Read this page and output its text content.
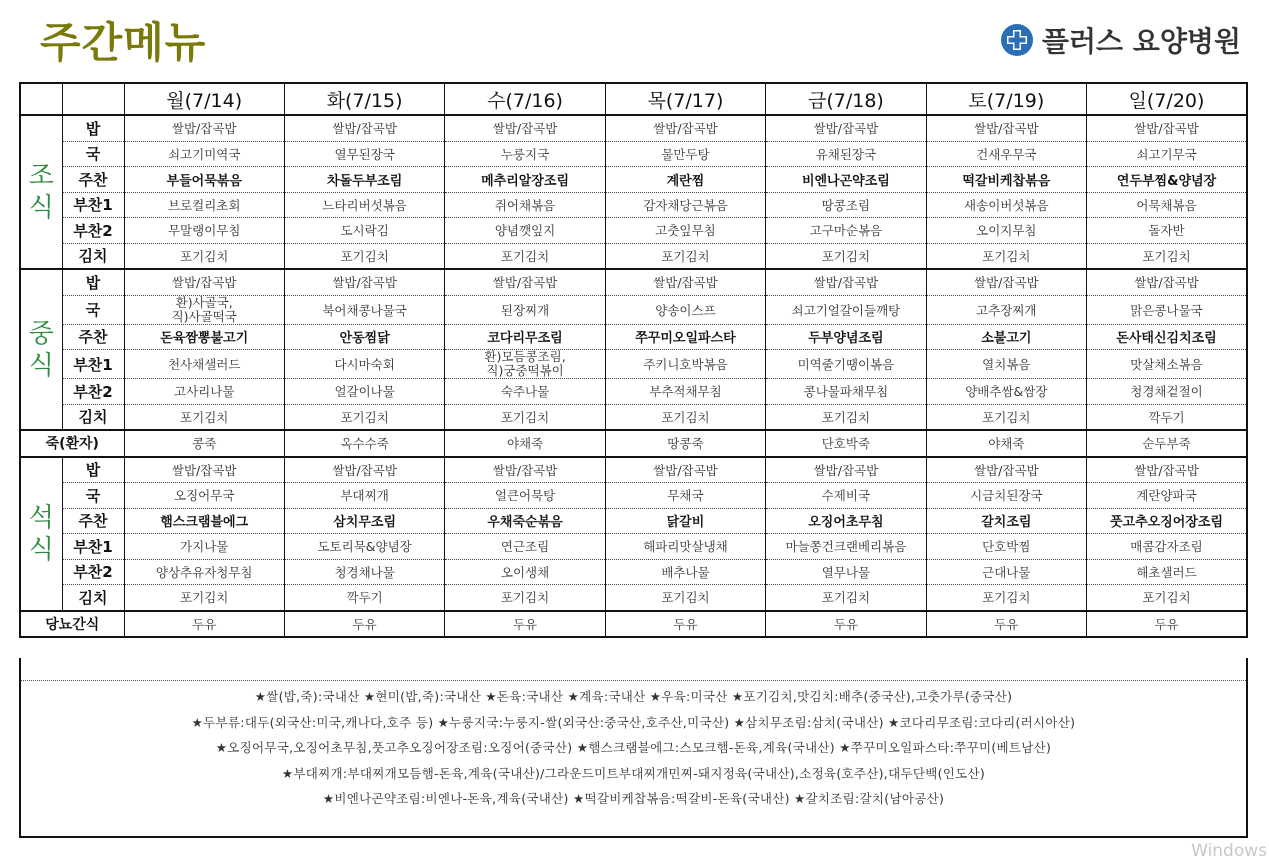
주간메뉴	플러스 요양병원
		월(7/14)	화(7/15)	수(7/16)	목(7/17)	금(7/18)	토(7/19)	일(7/20)
조식	밥	쌀밥/잡곡밥	쌀밥/잡곡밥	쌀밥/잡곡밥	쌀밥/잡곡밥	쌀밥/잡곡밥	쌀밥/잡곡밥	쌀밥/잡곡밥
	국	쇠고기미역국	열무된장국	누룽지국	물만두탕	유채된장국	건새우무국	쇠고기무국
	주찬	부들어묵볶음	차돌두부조림	메추리알장조림	계란찜	비엔나곤약조림	떡갈비케찹볶음	연두부찜&양념장
	부찬1	브로컬리초회	느타리버섯볶음	쥐어채볶음	감자채당근볶음	땅콩조림	새송이버섯볶음	어묵채볶음
	부찬2	무말랭이무침	도시락김	양념깻잎지	고춧잎무침	고구마순볶음	오이지무침	돌자반
	김치	포기김치	포기김치	포기김치	포기김치	포기김치	포기김치	포기김치
중식	밥	쌀밥/잡곡밥	쌀밥/잡곡밥	쌀밥/잡곡밥	쌀밥/잡곡밥	쌀밥/잡곡밥	쌀밥/잡곡밥	쌀밥/잡곡밥
	국	환)사골국,
직)사골떡국	북어채콩나물국	된장찌개	양송이스프	쇠고기얼갈이들깨탕	고추장찌개	맑은콩나물국
	주찬	돈육짬뽕불고기	안동찜닭	코다리무조림	쭈꾸미오일파스타	두부양념조림	소불고기	돈사태신김치조림
	부찬1	천사채샐러드	다시마숙회	환)모듬콩조림,
직)궁중떡볶이	주키니호박볶음	미역줄기땡이볶음	열치볶음	맛살채소볶음
	부찬2	고사리나물	얼갈이나물	숙주나물	부추적채무침	콩나물파채무침	양배추쌈&쌈장	청경채겉절이
	김치	포기김치	포기김치	포기김치	포기김치	포기김치	포기김치	깍두기
죽(환자)		콩죽	옥수수죽	야채죽	땅콩죽	단호박죽	야채죽	순두부죽
석식	밥	쌀밥/잡곡밥	쌀밥/잡곡밥	쌀밥/잡곡밥	쌀밥/잡곡밥	쌀밥/잡곡밥	쌀밥/잡곡밥	쌀밥/잡곡밥
	국	오징어무국	부대찌개	얼큰어묵탕	무채국	수제비국	시금치된장국	계란양파국
	주찬	햄스크램블에그	삼치무조림	우채죽순볶음	닭갈비	오징어초무침	갈치조림	풋고추오징어장조림
	부찬1	가지나물	도토리묵&양념장	연근조림	해파리맛살냉채	마늘쫑건크랜베리볶음	단호박찜	매콤감자조림
	부찬2	양상추유자청무침	청경채나물	오이생채	배추나물	열무나물	근대나물	해초샐러드
	김치	포기김치	깍두기	포기김치	포기김치	포기김치	포기김치	포기김치
당뇨간식		두유	두유	두유	두유	두유	두유	두유
★쌀(밥,죽):국내산 ★현미(밥,죽):국내산 ★돈육:국내산 ★계육:국내산 ★우육:미국산 ★포기김치,맛김치:배추(중국산),고춧가루(중국산)
★두부류:대두(외국산:미국,캐나다,호주 등) ★누룽지국:누룽지-쌀(외국산:중국산,호주산,미국산) ★삼치무조림:삼치(국내산) ★코다리무조림:코다리(러시아산)
★오징어무국,오징어초무침,풋고추오징어장조림:오징어(중국산) ★햄스크램블에그:스모크햄-돈육,계육(국내산) ★쭈꾸미오일파스타:쭈꾸미(베트남산)
★부대찌개:부대찌개모듬햄-돈육,계육(국내산)/그라운드미트부대찌개민찌-돼지정육(국내산),소정육(호주산),대두단백(인도산)
★비엔나곤약조림:비엔나-돈육,계육(국내산) ★떡갈비케찹볶음:떡갈비-돈육(국내산) ★갈치조림:갈치(남아공산)
Windows
